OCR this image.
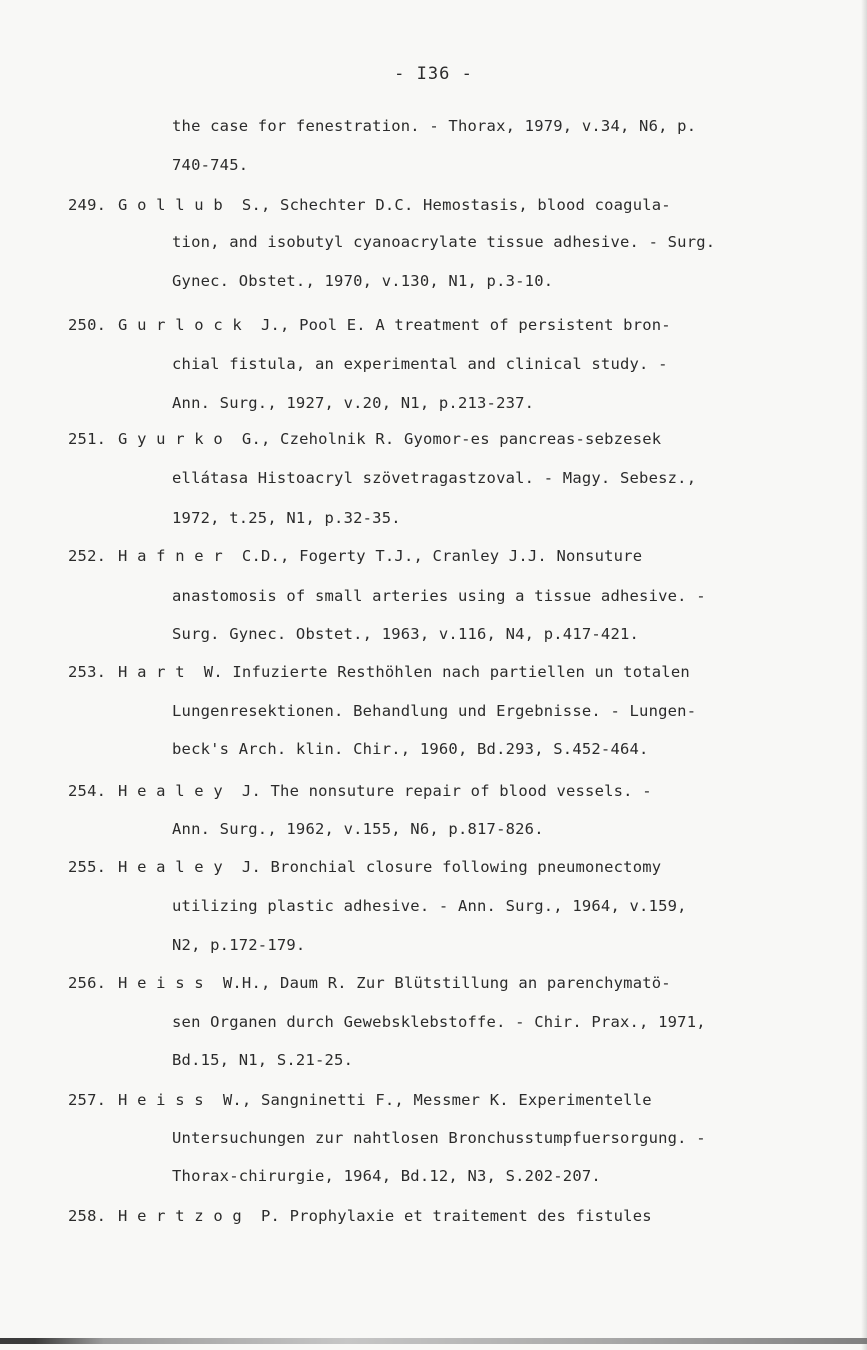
- I36 -
the case for fenestration. - Thorax, 1979, v.34, N6, p.
740-745.
249. G o l l u b  S., Schechter D.C. Hemostasis, blood coagula-
tion, and isobutyl cyanoacrylate tissue adhesive. - Surg.
Gynec. Obstet., 1970, v.130, N1, p.3-10.
250. G u r l o c k  J., Pool E. A treatment of persistent bron-
chial fistula, an experimental and clinical study. -
Ann. Surg., 1927, v.20, N1, p.213-237.
251. G y u r k o  G., Czeholnik R. Gyomor-es pancreas-sebzesek
ellátasa Histoacryl szövetragastzoval. - Magy. Sebesz.,
1972, t.25, N1, p.32-35.
252. H a f n e r  C.D., Fogerty T.J., Cranley J.J. Nonsuture
anastomosis of small arteries using a tissue adhesive. -
Surg. Gynec. Obstet., 1963, v.116, N4, p.417-421.
253. H a r t  W. Infuzierte Resthöhlen nach partiellen un totalen
Lungenresektionen. Behandlung und Ergebnisse. - Lungen-
beck's Arch. klin. Chir., 1960, Bd.293, S.452-464.
254. H e a l e y  J. The nonsuture repair of blood vessels. -
Ann. Surg., 1962, v.155, N6, p.817-826.
255. H e a l e y  J. Bronchial closure following pneumonectomy
utilizing plastic adhesive. - Ann. Surg., 1964, v.159,
N2, p.172-179.
256. H e i s s  W.H., Daum R. Zur Blütstillung an parenchymatö-
sen Organen durch Gewebsklebstoffe. - Chir. Prax., 1971,
Bd.15, N1, S.21-25.
257. H e i s s  W., Sangninetti F., Messmer K. Experimentelle
Untersuchungen zur nahtlosen Bronchusstumpfuersorgung. -
Thorax-chirurgie, 1964, Bd.12, N3, S.202-207.
258. H e r t z o g  P. Prophylaxie et traitement des fistules
